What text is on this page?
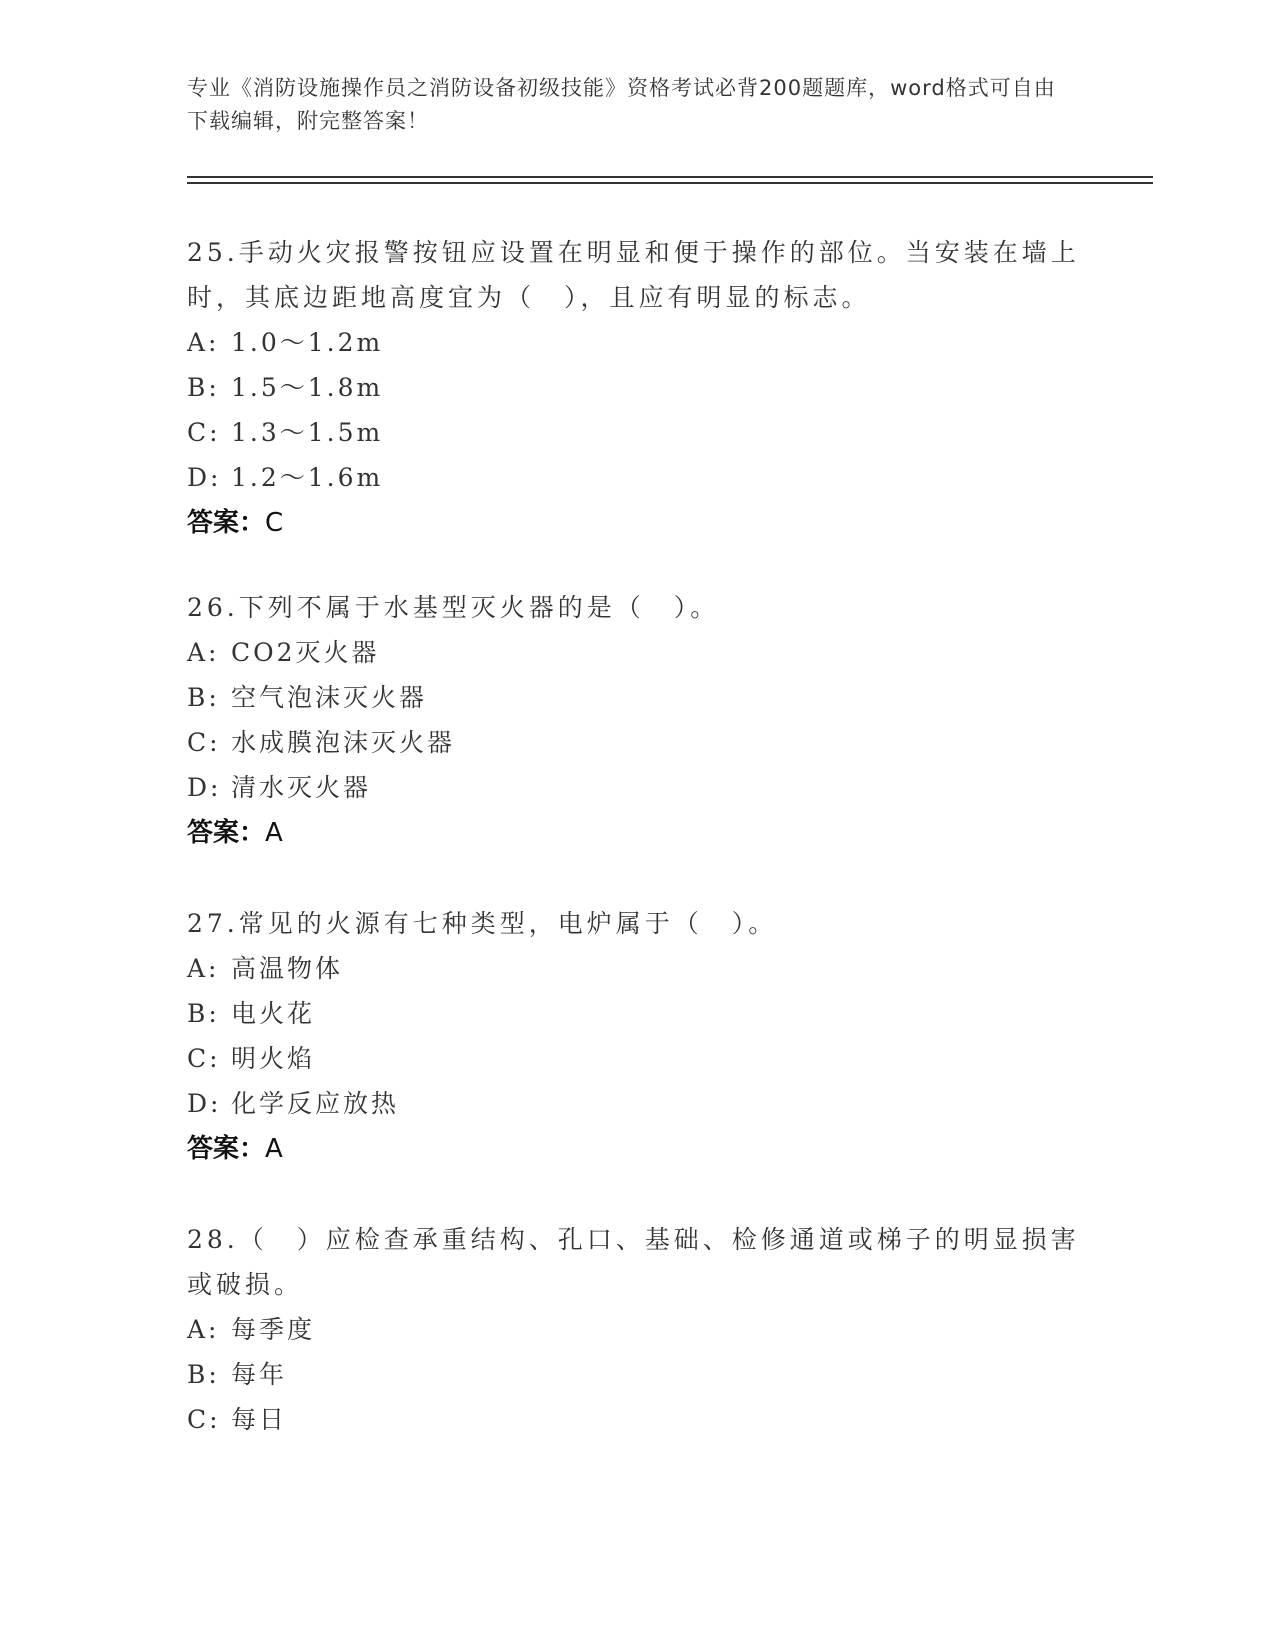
专业《消防设施操作员之消防设备初级技能》资格考试必背200题题库，word格式可自由下载编辑，附完整答案！
25.手动火灾报警按钮应设置在明显和便于操作的部位。当安装在墙上时，其底边距地高度宜为（　），且应有明显的标志。
A: 1.0～1.2m
B: 1.5～1.8m
C: 1.3～1.5m
D: 1.2～1.6m
答案：C
26.下列不属于水基型灭火器的是（　）。
A: CO2灭火器
B: 空气泡沫灭火器
C: 水成膜泡沫灭火器
D: 清水灭火器
答案：A
27.常见的火源有七种类型，电炉属于（　）。
A: 高温物体
B: 电火花
C: 明火焰
D: 化学反应放热
答案：A
28.（　）应检查承重结构、孔口、基础、检修通道或梯子的明显损害或破损。
A: 每季度
B: 每年
C: 每日
